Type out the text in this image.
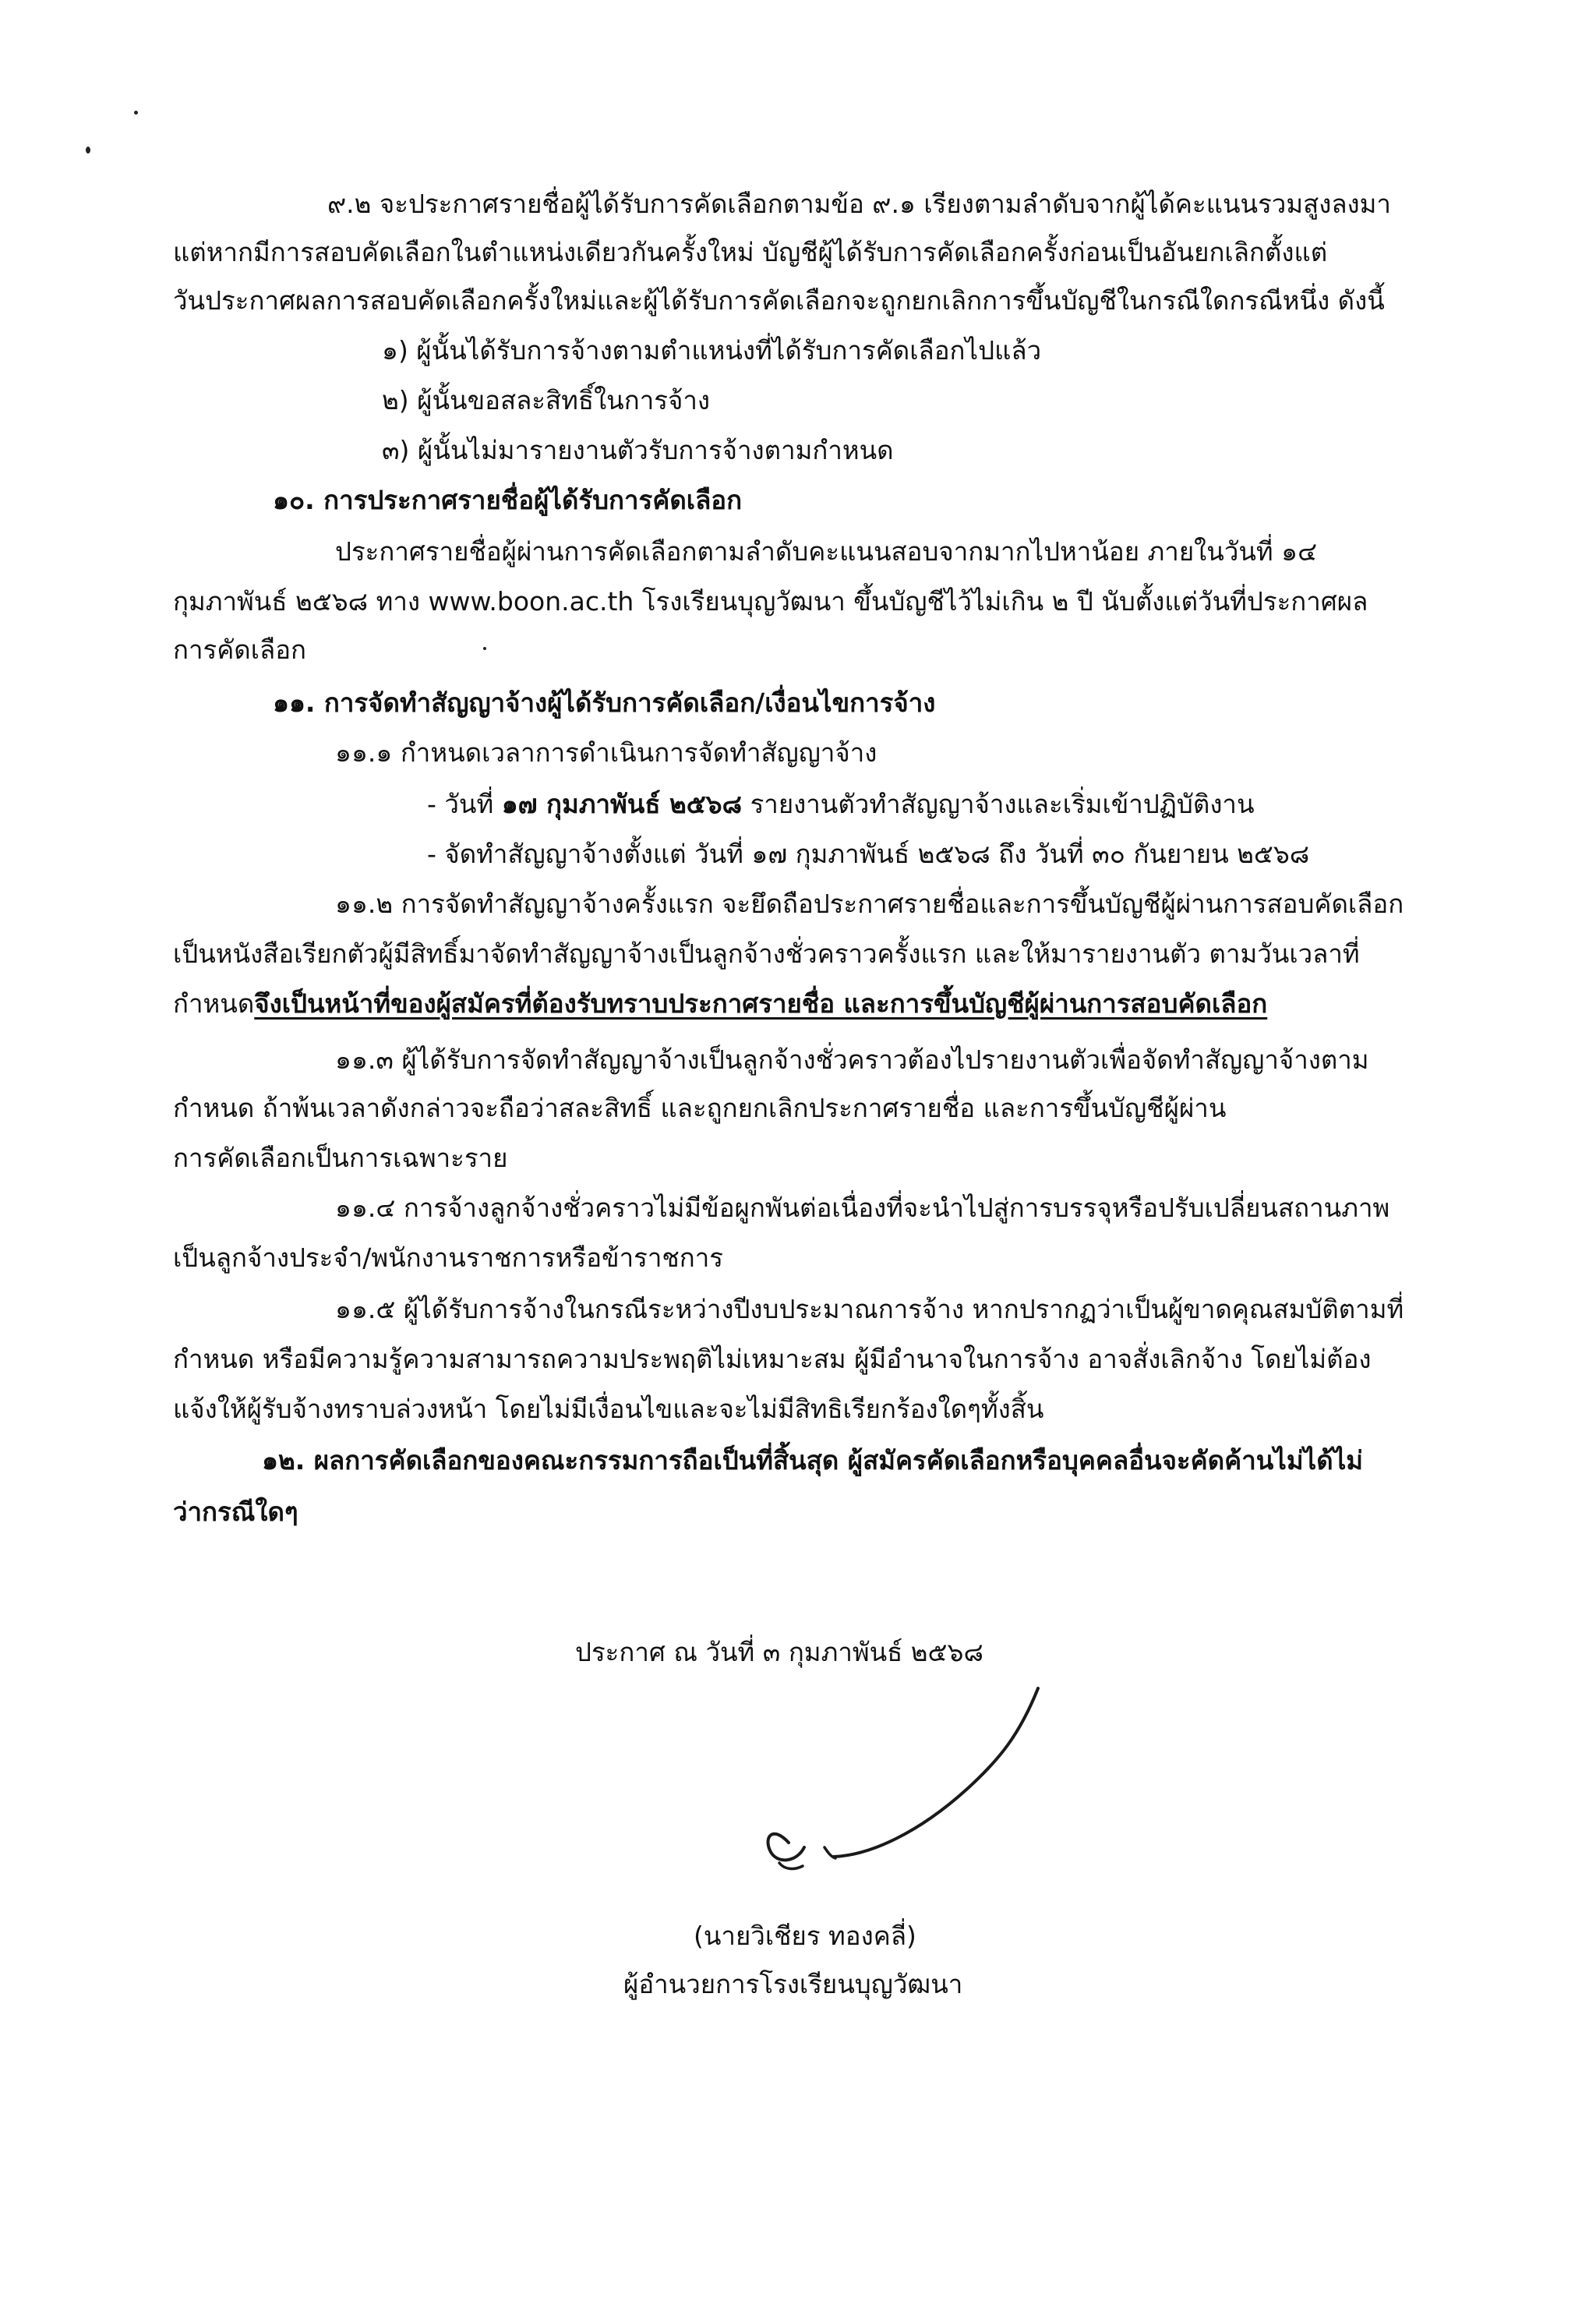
๙.๒ จะประกาศรายชื่อผู้ได้รับการคัดเลือกตามข้อ ๙.๑ เรียงตามลำดับจากผู้ได้คะแนนรวมสูงลงมา
แต่หากมีการสอบคัดเลือกในตำแหน่งเดียวกันครั้งใหม่ บัญชีผู้ได้รับการคัดเลือกครั้งก่อนเป็นอันยกเลิกตั้งแต่
วันประกาศผลการสอบคัดเลือกครั้งใหม่และผู้ได้รับการคัดเลือกจะถูกยกเลิกการขึ้นบัญชีในกรณีใดกรณีหนึ่ง ดังนี้
๑) ผู้นั้นได้รับการจ้างตามตำแหน่งที่ได้รับการคัดเลือกไปแล้ว
๒) ผู้นั้นขอสละสิทธิ์ในการจ้าง
๓) ผู้นั้นไม่มารายงานตัวรับการจ้างตามกำหนด
๑๐. การประกาศรายชื่อผู้ได้รับการคัดเลือก
ประกาศรายชื่อผู้ผ่านการคัดเลือกตามลำดับคะแนนสอบจากมากไปหาน้อย ภายในวันที่ ๑๔
กุมภาพันธ์ ๒๕๖๘ ทาง www.boon.ac.th โรงเรียนบุญวัฒนา ขึ้นบัญชีไว้ไม่เกิน ๒ ปี นับตั้งแต่วันที่ประกาศผล
การคัดเลือก
๑๑. การจัดทำสัญญาจ้างผู้ได้รับการคัดเลือก/เงื่อนไขการจ้าง
๑๑.๑ กำหนดเวลาการดำเนินการจัดทำสัญญาจ้าง
- วันที่ ๑๗ กุมภาพันธ์ ๒๕๖๘ รายงานตัวทำสัญญาจ้างและเริ่มเข้าปฏิบัติงาน
- จัดทำสัญญาจ้างตั้งแต่ วันที่ ๑๗ กุมภาพันธ์ ๒๕๖๘ ถึง วันที่ ๓๐ กันยายน ๒๕๖๘
๑๑.๒ การจัดทำสัญญาจ้างครั้งแรก จะยึดถือประกาศรายชื่อและการขึ้นบัญชีผู้ผ่านการสอบคัดเลือก
เป็นหนังสือเรียกตัวผู้มีสิทธิ์มาจัดทำสัญญาจ้างเป็นลูกจ้างชั่วคราวครั้งแรก และให้มารายงานตัว ตามวันเวลาที่
กำหนดจึงเป็นหน้าที่ของผู้สมัครที่ต้องรับทราบประกาศรายชื่อ และการขึ้นบัญชีผู้ผ่านการสอบคัดเลือก
๑๑.๓ ผู้ได้รับการจัดทำสัญญาจ้างเป็นลูกจ้างชั่วคราวต้องไปรายงานตัวเพื่อจัดทำสัญญาจ้างตาม
กำหนด ถ้าพ้นเวลาดังกล่าวจะถือว่าสละสิทธิ์ และถูกยกเลิกประกาศรายชื่อ และการขึ้นบัญชีผู้ผ่าน
การคัดเลือกเป็นการเฉพาะราย
๑๑.๔ การจ้างลูกจ้างชั่วคราวไม่มีข้อผูกพันต่อเนื่องที่จะนำไปสู่การบรรจุหรือปรับเปลี่ยนสถานภาพ
เป็นลูกจ้างประจำ/พนักงานราชการหรือข้าราชการ
๑๑.๕ ผู้ได้รับการจ้างในกรณีระหว่างปีงบประมาณการจ้าง หากปรากฏว่าเป็นผู้ขาดคุณสมบัติตามที่
กำหนด หรือมีความรู้ความสามารถความประพฤติไม่เหมาะสม ผู้มีอำนาจในการจ้าง อาจสั่งเลิกจ้าง โดยไม่ต้อง
แจ้งให้ผู้รับจ้างทราบล่วงหน้า โดยไม่มีเงื่อนไขและจะไม่มีสิทธิเรียกร้องใดๆทั้งสิ้น
๑๒. ผลการคัดเลือกของคณะกรรมการถือเป็นที่สิ้นสุด ผู้สมัครคัดเลือกหรือบุคคลอื่นจะคัดค้านไม่ได้ไม่
ว่ากรณีใดๆ
ประกาศ ณ วันที่ ๓ กุมภาพันธ์ ๒๕๖๘
(นายวิเชียร ทองคลี่)
ผู้อำนวยการโรงเรียนบุญวัฒนา
